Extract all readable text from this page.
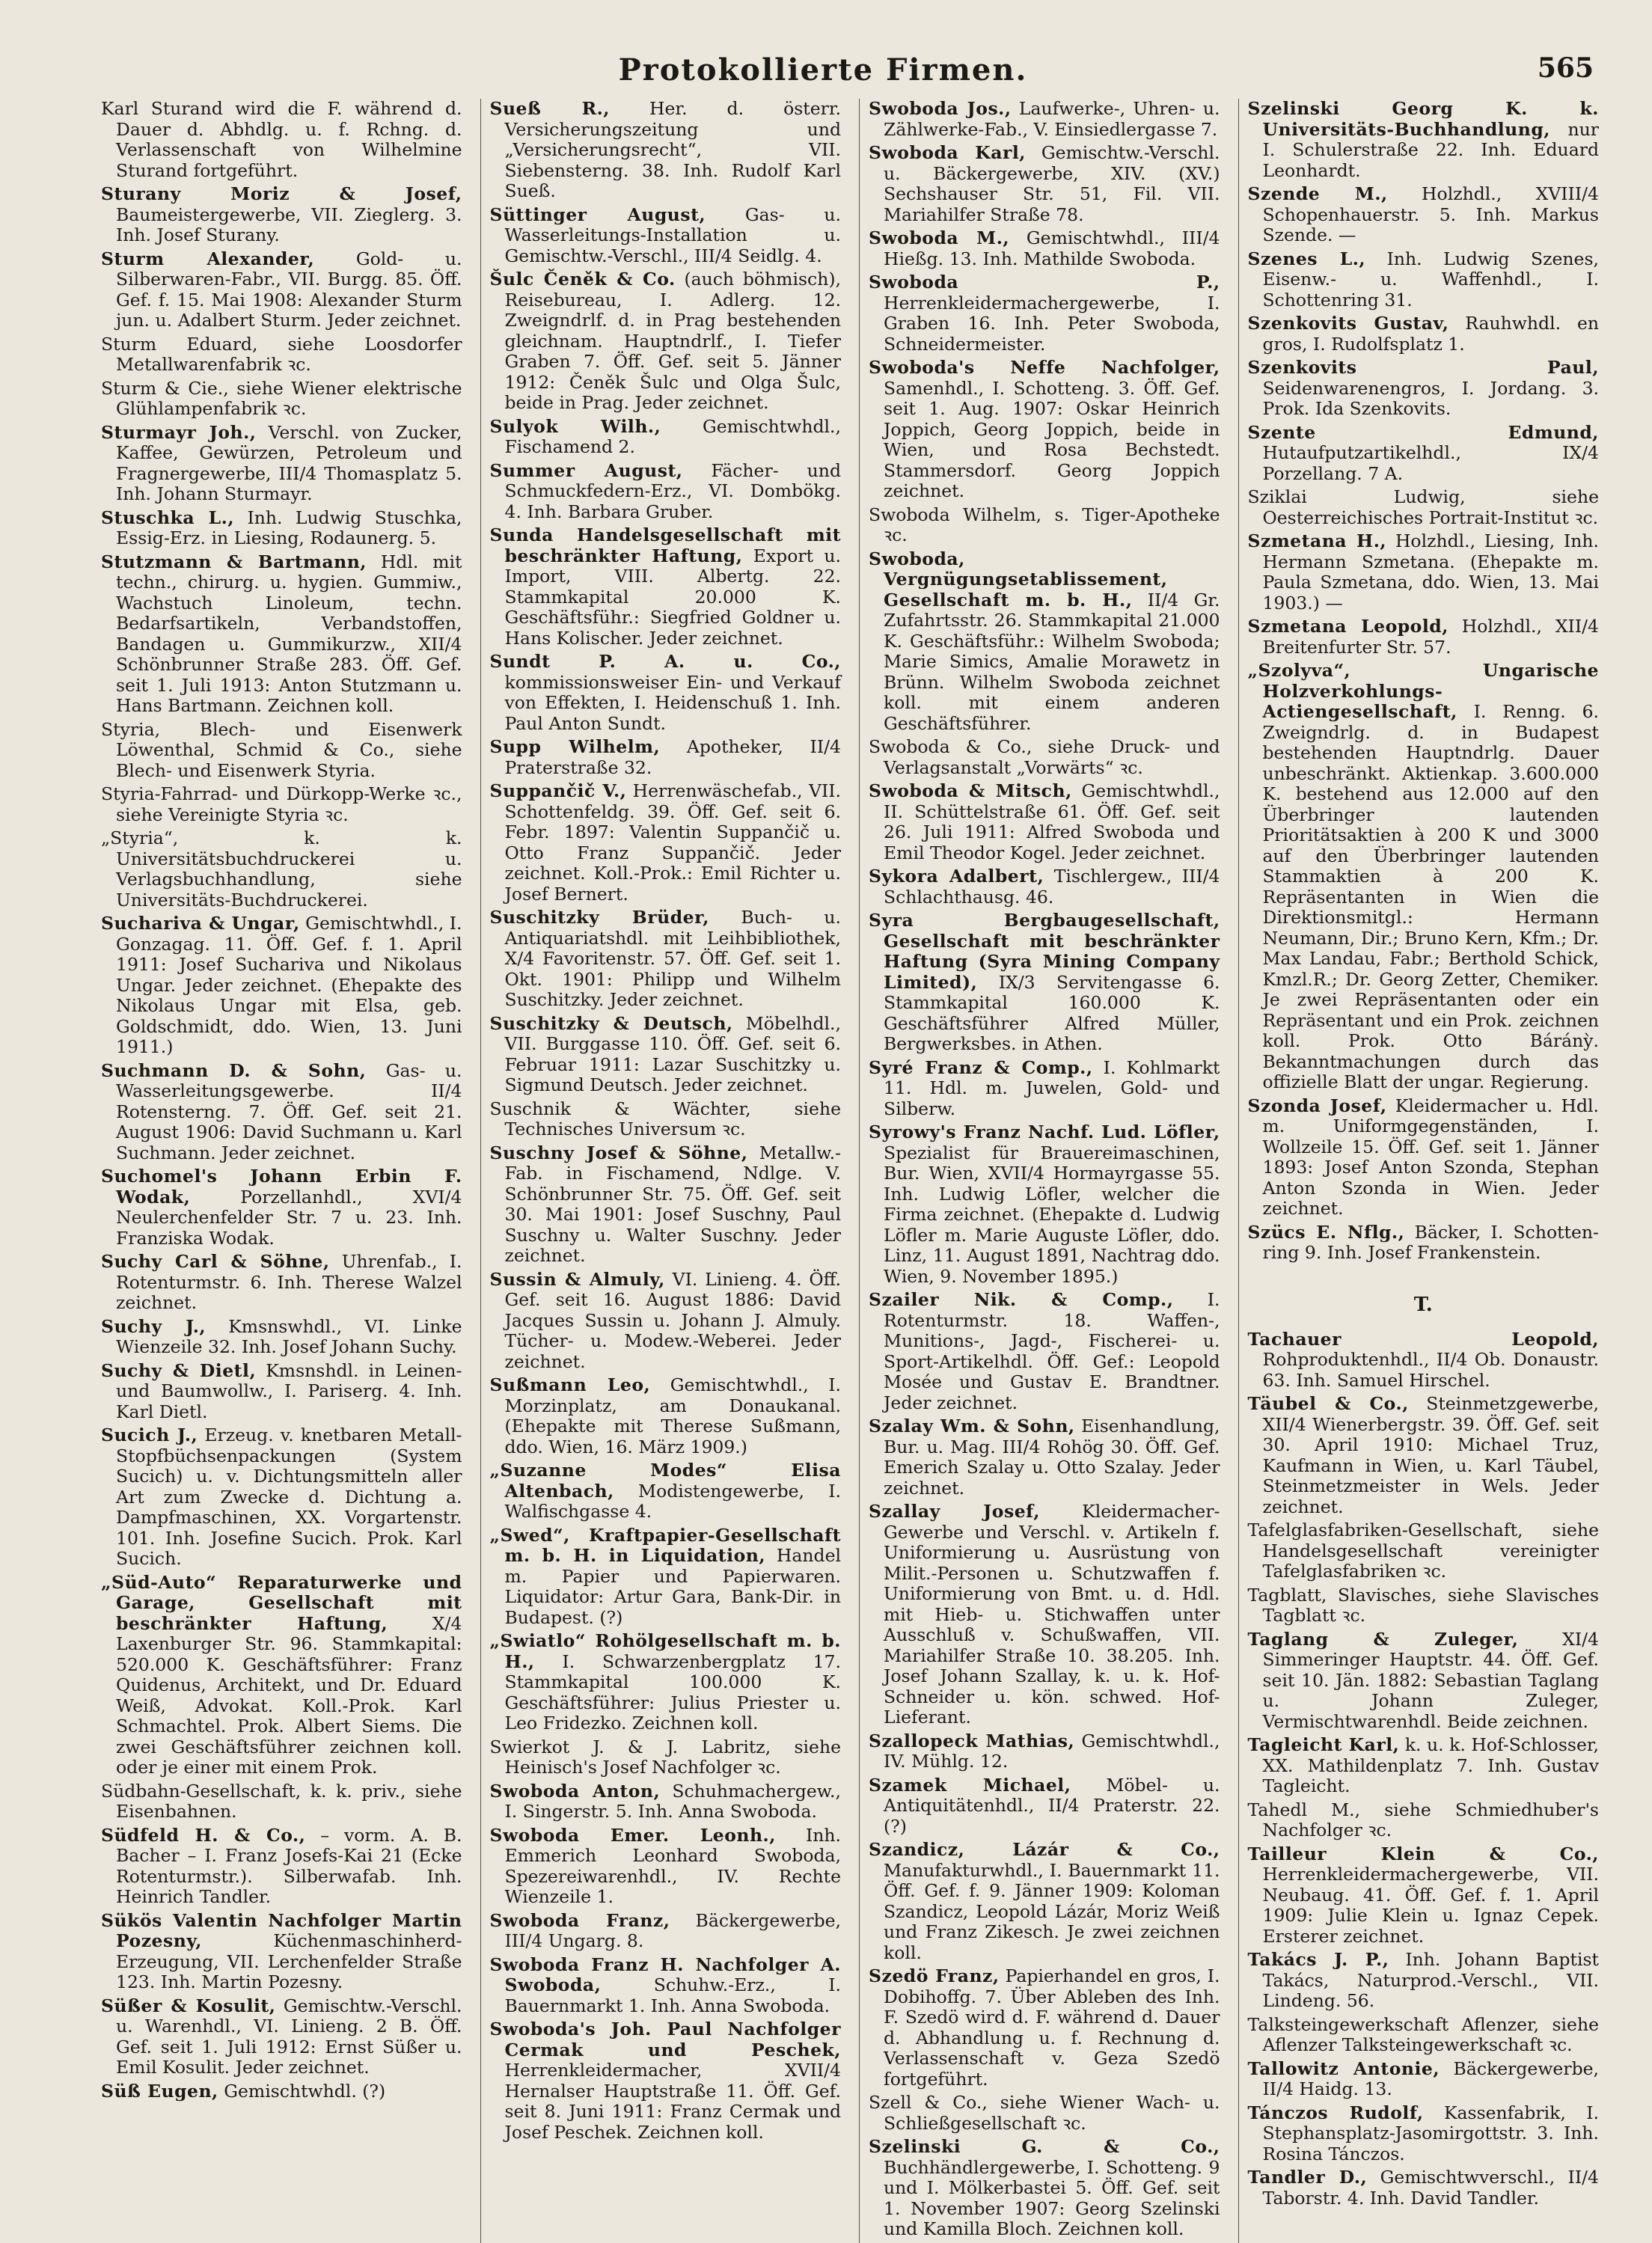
Protokollierte Firmen.	565
Karl Sturand wird die F. während d. Dauer d. Abhdlg. u. f. Rchng. d. Verlassenschaft von Wilhelmine Sturand fortgeführt.
Sturany Moriz & Josef, Baumeistergewerbe, VII. Zieglerg. 3. Inh. Josef Sturany.
Sturm Alexander, Gold- u. Silberwaren-Fabr., VII. Burgg. 85. Öff. Gef. f. 15. Mai 1908: Alexander Sturm jun. u. Adalbert Sturm. Jeder zeichnet.
Sturm Eduard, siehe Loosdorfer Metallwarenfabrik ꝛc.
Sturm & Cie., siehe Wiener elektrische Glühlampenfabrik ꝛc.
Sturmayr Joh., Verschl. von Zucker, Kaffee, Gewürzen, Petroleum und Fragnergewerbe, III/4 Thomasplatz 5. Inh. Johann Sturmayr.
Stuschka L., Inh. Ludwig Stuschka, Essig-Erz. in Liesing, Rodaunerg. 5.
Stutzmann & Bartmann, Hdl. mit techn., chirurg. u. hygien. Gummiw., Wachstuch Linoleum, techn. Bedarfsartikeln, Verbandstoffen, Bandagen u. Gummikurzw., XII/4 Schönbrunner Straße 283. Öff. Gef. seit 1. Juli 1913: Anton Stutzmann u. Hans Bartmann. Zeichnen koll.
Styria, Blech- und Eisenwerk Löwenthal, Schmid & Co., siehe Blech- und Eisenwerk Styria.
Styria-Fahrrad- und Dürkopp-Werke ꝛc., siehe Vereinigte Styria ꝛc.
„Styria“, k. k. Universitätsbuchdruckerei u. Verlagsbuchhandlung, siehe Universitäts-Buchdruckerei.
Suchariva & Ungar, Gemischtwhdl., I. Gonzagag. 11. Öff. Gef. f. 1. April 1911: Josef Suchariva und Nikolaus Ungar. Jeder zeichnet. (Ehepakte des Nikolaus Ungar mit Elsa, geb. Goldschmidt, ddo. Wien, 13. Juni 1911.)
Suchmann D. & Sohn, Gas- u. Wasserleitungsgewerbe. II/4 Rotensterng. 7. Öff. Gef. seit 21. August 1906: David Suchmann u. Karl Suchmann. Jeder zeichnet.
Suchomel's Johann Erbin F. Wodak,	Porzellanhdl., XVI/4 Neulerchenfelder Str. 7 u. 23. Inh. Franziska Wodak.
Suchy Carl & Söhne, Uhrenfab., I. Rotenturmstr. 6. Inh. Therese Walzel zeichnet.
Suchy J., Kmsnswhdl., VI. Linke Wienzeile 32. Inh. Josef Johann Suchy.
Suchy & Dietl, Kmsnshdl. in Leinen- und Baumwollw., I. Pariserg. 4. Inh. Karl Dietl.
Sucich J., Erzeug. v. knetbaren Metall-Stopfbüchsenpackungen (System Sucich) u. v. Dichtungsmitteln aller Art zum Zwecke d. Dichtung a. Dampfmaschinen, XX. Vorgartenstr. 101. Inh. Josefine Sucich. Prok. Karl Sucich.
„Süd-Auto“ Reparaturwerke und Garage, Gesellschaft mit beschränkter Haftung,	X/4 Laxenburger Str. 96. Stammkapital: 520.000 K. Geschäftsführer: Franz Quidenus, Architekt, und Dr. Eduard Weiß, Advokat. Koll.-Prok. Karl Schmachtel. Prok. Albert Siems. Die zwei Geschäftsführer zeichnen koll. oder je einer mit einem Prok.
Südbahn-Gesellschaft, k. k. priv., siehe Eisenbahnen.
Südfeld H. & Co., – vorm. A. B. Bacher – I. Franz Josefs-Kai 21 (Ecke Rotenturmstr.). Silberwafab. Inh. Heinrich Tandler.
Sükös Valentin Nachfolger Martin Pozesny,	Küchenmaschinherd-Erzeugung, VII. Lerchenfelder Straße 123. Inh. Martin Pozesny.
Süßer & Kosulit, Gemischtw.-Verschl. u. Warenhdl., VI. Linieng. 2 B. Öff. Gef. seit 1. Juli 1912: Ernst Süßer u. Emil Kosulit. Jeder zeichnet.
Süß Eugen, Gemischtwhdl. (?)
Sueß R., Her. d. österr. Versicherungszeitung und „Versicherungsrecht“, VII. Siebensterng. 38. Inh. Rudolf Karl Sueß.
Süttinger August, Gas- u. Wasserleitungs-Installation u. Gemischtw.-Verschl., III/4 Seidlg. 4.
Šulc Čeněk & Co. (auch böhmisch), Reisebureau, I. Adlerg. 12. Zweigndrlf. d. in Prag bestehenden gleichnam. Hauptndrlf., I. Tiefer Graben 7. Öff. Gef. seit 5. Jänner 1912: Čeněk Šulc und Olga Šulc, beide in Prag. Jeder zeichnet.
Sulyok Wilh., Gemischtwhdl., Fischamend 2.
Summer August, Fächer- und Schmuckfedern-Erz., VI. Dombökg. 4. Inh. Barbara Gruber.
Sunda Handelsgesellschaft mit beschränkter Haftung, Export u. Import, VIII. Albertg. 22. Stammkapital 20.000 K. Geschäftsführ.: Siegfried Goldner u. Hans Kolischer. Jeder zeichnet.
Sundt P. A. u. Co., kommissionsweiser Ein- und Verkauf von Effekten, I. Heidenschuß 1. Inh. Paul Anton Sundt.
Supp Wilhelm, Apotheker, II/4 Praterstraße 32.
Suppančič V., Herrenwäschefab., VII. Schottenfeldg. 39. Öff. Gef. seit 6. Febr. 1897: Valentin Suppančič u. Otto Franz Suppančič. Jeder zeichnet. Koll.-Prok.: Emil Richter u. Josef Bernert.
Suschitzky Brüder, Buch- u. Antiquariatshdl. mit Leihbibliothek, X/4 Favoritenstr. 57. Öff. Gef. seit 1. Okt. 1901: Philipp und Wilhelm Suschitzky. Jeder zeichnet.
Suschitzky & Deutsch, Möbelhdl., VII. Burggasse 110. Öff. Gef. seit 6. Februar 1911: Lazar Suschitzky u. Sigmund Deutsch. Jeder zeichnet.
Suschnik & Wächter, siehe Technisches Universum ꝛc.
Suschny Josef & Söhne, Metallw.-Fab. in Fischamend, Ndlge. V. Schönbrunner Str. 75. Öff. Gef. seit 30. Mai 1901: Josef Suschny, Paul Suschny u. Walter Suschny. Jeder zeichnet.
Sussin & Almuly, VI. Linieng. 4. Öff. Gef. seit 16. August 1886: David Jacques Sussin u. Johann J. Almuly. Tücher- u. Modew.-Weberei. Jeder zeichnet.
Sußmann Leo, Gemischtwhdl., I. Morzinplatz, am Donaukanal. (Ehepakte mit Therese Sußmann, ddo. Wien, 16. März 1909.)
„Suzanne Modes“ Elisa Altenbach, Modistengewerbe, I. Walfischgasse 4.
„Swed“, Kraftpapier-Gesellschaft m. b. H. in Liquidation, Handel m. Papier und Papierwaren. Liquidator: Artur Gara, Bank-Dir. in Budapest. (?)
„Swiatlo“ Rohölgesellschaft m. b. H., I. Schwarzenbergplatz 17. Stammkapital 100.000 K. Geschäftsführer: Julius Priester u. Leo Fridezko. Zeichnen koll.
Swierkot J. & J. Labritz, siehe Heinisch's Josef Nachfolger ꝛc.
Swoboda Anton, Schuhmachergew., I. Singerstr. 5. Inh. Anna Swoboda.
Swoboda Emer. Leonh., Inh. Emmerich Leonhard Swoboda, Spezereiwarenhdl., IV. Rechte Wienzeile 1.
Swoboda Franz, Bäckergewerbe, III/4 Ungarg. 8.
Swoboda Franz H. Nachfolger A. Swoboda,	Schuhw.-Erz., I. Bauernmarkt 1. Inh. Anna Swoboda.
Swoboda's Joh. Paul Nachfolger Cermak und Peschek, Herrenkleidermacher, XVII/4 Hernalser Hauptstraße 11. Öff. Gef. seit 8. Juni 1911: Franz Cermak und Josef Peschek. Zeichnen koll.
Swoboda Jos., Laufwerke-, Uhren- u. Zählwerke-Fab., V. Einsiedlergasse 7.
Swoboda Karl, Gemischtw.-Verschl. u. Bäckergewerbe, XIV. (XV.) Sechshauser Str. 51, Fil. VII. Mariahilfer Straße 78.
Swoboda M., Gemischtwhdl., III/4 Hießg. 13. Inh. Mathilde Swoboda.
Swoboda P., Herrenkleidermachergewerbe, I. Graben 16. Inh. Peter Swoboda, Schneidermeister.
Swoboda's Neffe Nachfolger, Samenhdl., I. Schotteng. 3. Öff. Gef. seit 1. Aug. 1907: Oskar Heinrich Joppich, Georg Joppich, beide in Wien, und Rosa Bechstedt. Stammersdorf. Georg Joppich zeichnet.
Swoboda Wilhelm, s. Tiger-Apotheke ꝛc.
Swoboda, Vergnügungsetablissement, Gesellschaft m. b. H., II/4 Gr. Zufahrtsstr. 26. Stammkapital 21.000 K. Geschäftsführ.: Wilhelm Swoboda; Marie Simics, Amalie Morawetz in Brünn. Wilhelm Swoboda zeichnet koll. mit einem anderen Geschäftsführer.
Swoboda & Co., siehe Druck- und Verlagsanstalt „Vorwärts“ ꝛc.
Swoboda & Mitsch, Gemischtwhdl., II. Schüttelstraße 61. Öff. Gef. seit 26. Juli 1911: Alfred Swoboda und Emil Theodor Kogel. Jeder zeichnet.
Sykora Adalbert, Tischlergew., III/4 Schlachthausg. 46.
Syra Bergbaugesellschaft, Gesellschaft mit beschränkter Haftung (Syra Mining Company Limited), IX/3 Servitengasse 6. Stammkapital 160.000 K. Geschäftsführer Alfred Müller, Bergwerksbes. in Athen.
Syré Franz & Comp., I. Kohlmarkt 11. Hdl. m. Juwelen, Gold- und Silberw.
Syrowy's Franz Nachf. Lud. Löfler, Spezialist für Brauereimaschinen, Bur. Wien, XVII/4 Hormayrgasse 55. Inh. Ludwig Löfler, welcher die Firma zeichnet. (Ehepakte d. Ludwig Löfler m. Marie Auguste Löfler, ddo. Linz, 11. August 1891, Nachtrag ddo. Wien, 9. November 1895.)
Szailer Nik. & Comp., I. Rotenturmstr. 18. Waffen-, Munitions-, Jagd-, Fischerei- u. Sport-Artikelhdl. Öff. Gef.: Leopold Mosée und Gustav E. Brandtner. Jeder zeichnet.
Szalay Wm. & Sohn, Eisenhandlung, Bur. u. Mag. III/4 Rohög 30. Öff. Gef. Emerich Szalay u. Otto Szalay. Jeder zeichnet.
Szallay Josef, Kleidermacher-Gewerbe und Verschl. v. Artikeln f. Uniformierung u. Ausrüstung von Milit.-Personen u. Schutzwaffen f. Uniformierung von Bmt. u. d. Hdl. mit Hieb- u. Stichwaffen unter Ausschluß v. Schußwaffen, VII. Mariahilfer Straße 10. 38.205. Inh. Josef Johann Szallay, k. u. k. Hof-Schneider u. kön. schwed. Hof-Lieferant.
Szallopeck Mathias, Gemischtwhdl., IV. Mühlg. 12.
Szamek Michael, Möbel- u. Antiquitätenhdl., II/4 Praterstr. 22. (?)
Szandicz, Lázár & Co., Manufakturwhdl., I. Bauernmarkt 11. Öff. Gef. f. 9. Jänner 1909: Koloman Szandicz, Leopold Lázár, Moriz Weiß und Franz Zikesch. Je zwei zeichnen koll.
Szedö Franz, Papierhandel en gros, I. Dobihoffg. 7. Über Ableben des Inh. F. Szedö wird d. F. während d. Dauer d. Abhandlung u. f. Rechnung d. Verlassenschaft v. Geza Szedö fortgeführt.
Szell & Co., siehe Wiener Wach- u. Schließgesellschaft ꝛc.
Szelinski G. & Co., Buchhändlergewerbe, I. Schotteng. 9 und I. Mölkerbastei 5. Öff. Gef. seit 1. November 1907: Georg Szelinski und Kamilla Bloch. Zeichnen koll.
Szelinski Georg K. k. Universitäts-Buchhandlung, nur I. Schulerstraße 22. Inh. Eduard Leonhardt.
Szende M., Holzhdl., XVIII/4 Schopenhauerstr. 5. Inh. Markus Szende. —
Szenes L., Inh. Ludwig Szenes, Eisenw.- u. Waffenhdl., I. Schottenring 31.
Szenkovits Gustav, Rauhwhdl. en gros, I. Rudolfsplatz 1.
Szenkovits Paul, Seidenwarenengros, I. Jordang. 3. Prok. Ida Szenkovits.
Szente Edmund, Hutaufputzartikelhdl., IX/4 Porzellang. 7 A.
Sziklai Ludwig, siehe Oesterreichisches Portrait-Institut ꝛc.
Szmetana H., Holzhdl., Liesing, Inh. Hermann Szmetana. (Ehepakte m. Paula Szmetana, ddo. Wien, 13. Mai 1903.) —
Szmetana Leopold, Holzhdl., XII/4 Breitenfurter Str. 57.
„Szolyva“, Ungarische Holzverkohlungs-Actiengesellschaft, I. Renng. 6. Zweigndrlg. d. in Budapest bestehenden Hauptndrlg. Dauer unbeschränkt. Aktienkap. 3.600.000 K. bestehend aus 12.000 auf den Überbringer lautenden Prioritätsaktien à 200 K und 3000 auf den Überbringer lautenden Stammaktien à 200 K. Repräsentanten in Wien die Direktionsmitgl.: Hermann Neumann, Dir.; Bruno Kern, Kfm.; Dr. Max Landau, Fabr.; Berthold Schick, Kmzl.R.; Dr. Georg Zetter, Chemiker. Je zwei Repräsentanten oder ein Repräsentant und ein Prok. zeichnen koll. Prok. Otto Báránỳ. Bekanntmachungen durch das offizielle Blatt der ungar. Regierung.
Szonda Josef, Kleidermacher u. Hdl. m. Uniformgegenständen, I. Wollzeile 15. Öff. Gef. seit 1. Jänner 1893: Josef Anton Szonda, Stephan Anton Szonda in Wien. Jeder zeichnet.
Szücs E. Nflg., Bäcker, I. Schotten-ring 9. Inh. Josef Frankenstein.
T.
Tachauer Leopold, Rohproduktenhdl., II/4 Ob. Donaustr. 63. Inh. Samuel Hirschel.
Täubel & Co., Steinmetzgewerbe, XII/4 Wienerbergstr. 39. Öff. Gef. seit 30. April 1910: Michael Truz, Kaufmann in Wien, u. Karl Täubel, Steinmetzmeister in Wels. Jeder zeichnet.
Tafelglasfabriken-Gesellschaft, siehe Handelsgesellschaft vereinigter Tafelglasfabriken ꝛc.
Tagblatt, Slavisches, siehe Slavisches Tagblatt ꝛc.
Taglang & Zuleger, XI/4 Simmeringer Hauptstr. 44. Öff. Gef. seit 10. Jän. 1882: Sebastian Taglang u. Johann Zuleger, Vermischtwarenhdl. Beide zeichnen.
Tagleicht Karl, k. u. k. Hof-Schlosser, XX. Mathildenplatz 7. Inh. Gustav Tagleicht.
Tahedl M., siehe Schmiedhuber's Nachfolger ꝛc.
Tailleur Klein & Co., Herrenkleidermachergewerbe, VII. Neubaug. 41. Öff. Gef. f. 1. April 1909: Julie Klein u. Ignaz Cepek. Ersterer zeichnet.
Takács J. P., Inh. Johann Baptist Takács, Naturprod.-Verschl., VII. Lindeng. 56.
Talksteingewerkschaft Aflenzer, siehe Aflenzer Talksteingewerkschaft ꝛc.
Tallowitz Antonie, Bäckergewerbe, II/4 Haidg. 13.
Tánczos Rudolf, Kassenfabrik, I. Stephansplatz-Jasomirgottstr. 3. Inh. Rosina Tánczos.
Tandler D., Gemischtwverschl., II/4 Taborstr. 4. Inh. David Tandler.
